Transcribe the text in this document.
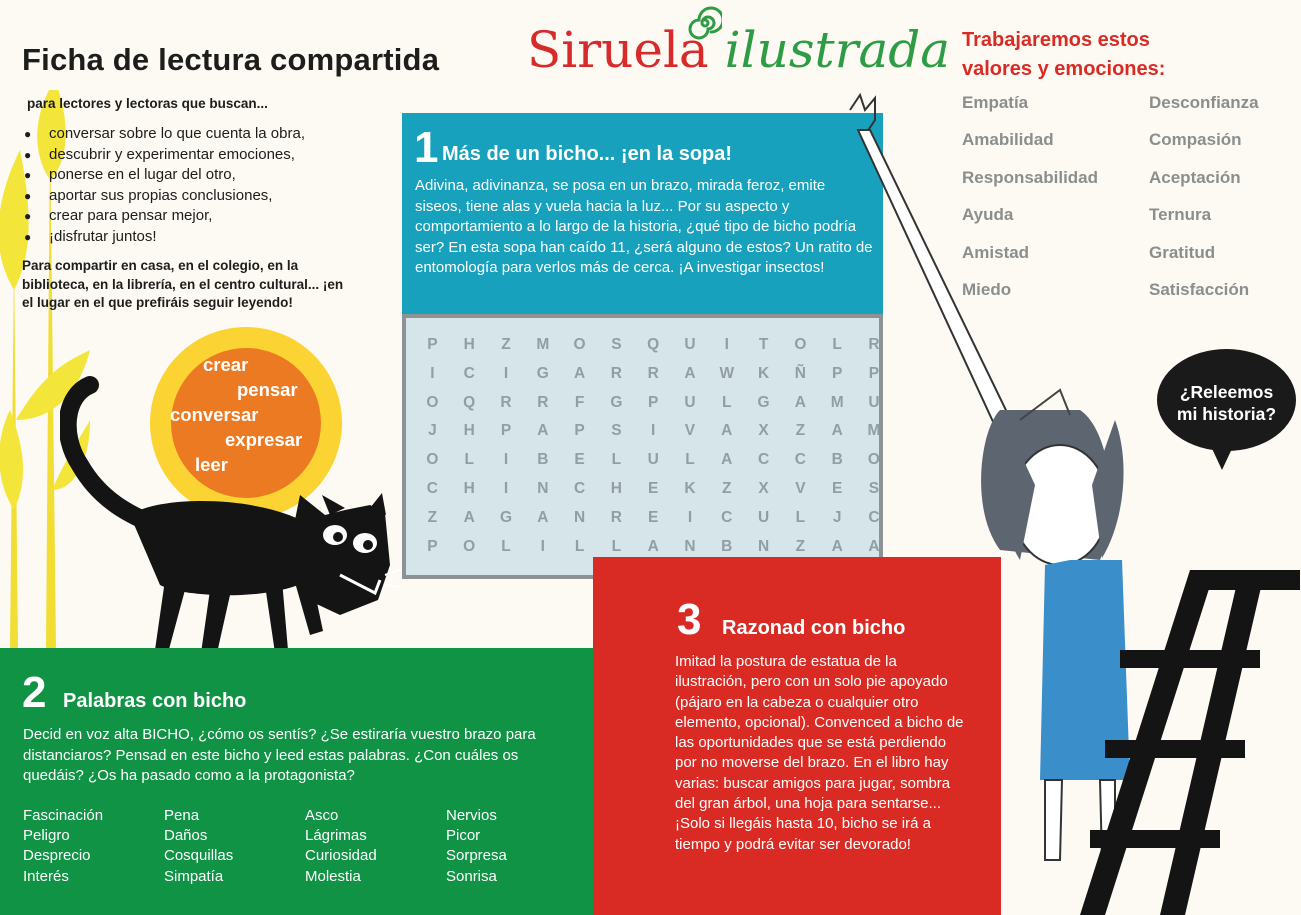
Ficha de lectura compartida Siruela ilustrada

para lectores y lectoras que buscan...

● conversar sobre lo que cuenta la obra,
● descubrir y experimentar emociones,
● ponerse en el lugar del otro,
● aportar sus propias conclusiones,
● crear para pensar mejor,
● ¡disfrutar juntos!

Para compartir en casa, en el colegio, en la biblioteca, en la librería, en el centro cultural... ¡en el lugar en el que prefiráis seguir leyendo!

crear
pensar
conversar
expresar
leer
1 Más de un bicho... ¡en la sopa!

Adivina, adivinanza, se posa en un brazo, mirada feroz, emite siseos, tiene alas y vuela hacia la luz... Por su aspecto y comportamiento a lo largo de la historia, ¿qué tipo de bicho podría ser? En esta sopa han caído 11, ¿será alguno de estos? Un ratito de entomología para verlos más de cerca. ¡A investigar insectos!

P	H	Z	M	O	S	Q	U	I	T	O	L	R
I	C	I	G	A	R	R	A	W	K	Ñ	P	P
O	Q	R	R	F	G	P	U	L	G	A	M	U
J	H	P	A	P	S	I	V	A	X	Z	A	M
O	L	I	B	E	L	U	L	A	C	C	B	O
C	H	I	N	C	H	E	K	Z	X	V	E	S
Z	A	G	A	N	R	E	I	C	U	L	J	C
P	O	L	I	L	L	A	N	B	N	Z	A	A
2 Palabras con bicho

Decid en voz alta BICHO, ¿cómo os sentís? ¿Se estiraría vuestro brazo para distanciaros? Pensad en este bicho y leed estas palabras. ¿Con cuáles os quedáis? ¿Os ha pasado como a la protagonista?

Fascinación	Pena	Asco	Nervios
Peligro	Daños	Lágrimas	Picor
Desprecio	Cosquillas	Curiosidad	Sorpresa
Interés	Simpatía	Molestia	Sonrisa
3 Razonad con bicho

Imitad la postura de estatua de la ilustración, pero con un solo pie apoyado (pájaro en la cabeza o cualquier otro elemento, opcional). Convenced a bicho de las oportunidades que se está perdiendo por no moverse del brazo. En el libro hay varias: buscar amigos para jugar, sombra del gran árbol, una hoja para sentarse... ¡Solo si llegáis hasta 10, bicho se irá a tiempo y podrá evitar ser devorado!

Trabajaremos estos
valores y emociones:
Empatía	Desconfianza
Amabilidad	Compasión
Responsabilidad	Aceptación
Ayuda	Ternura
Amistad	Gratitud
Miedo	Satisfacción
¿Releemos
mi historia?
